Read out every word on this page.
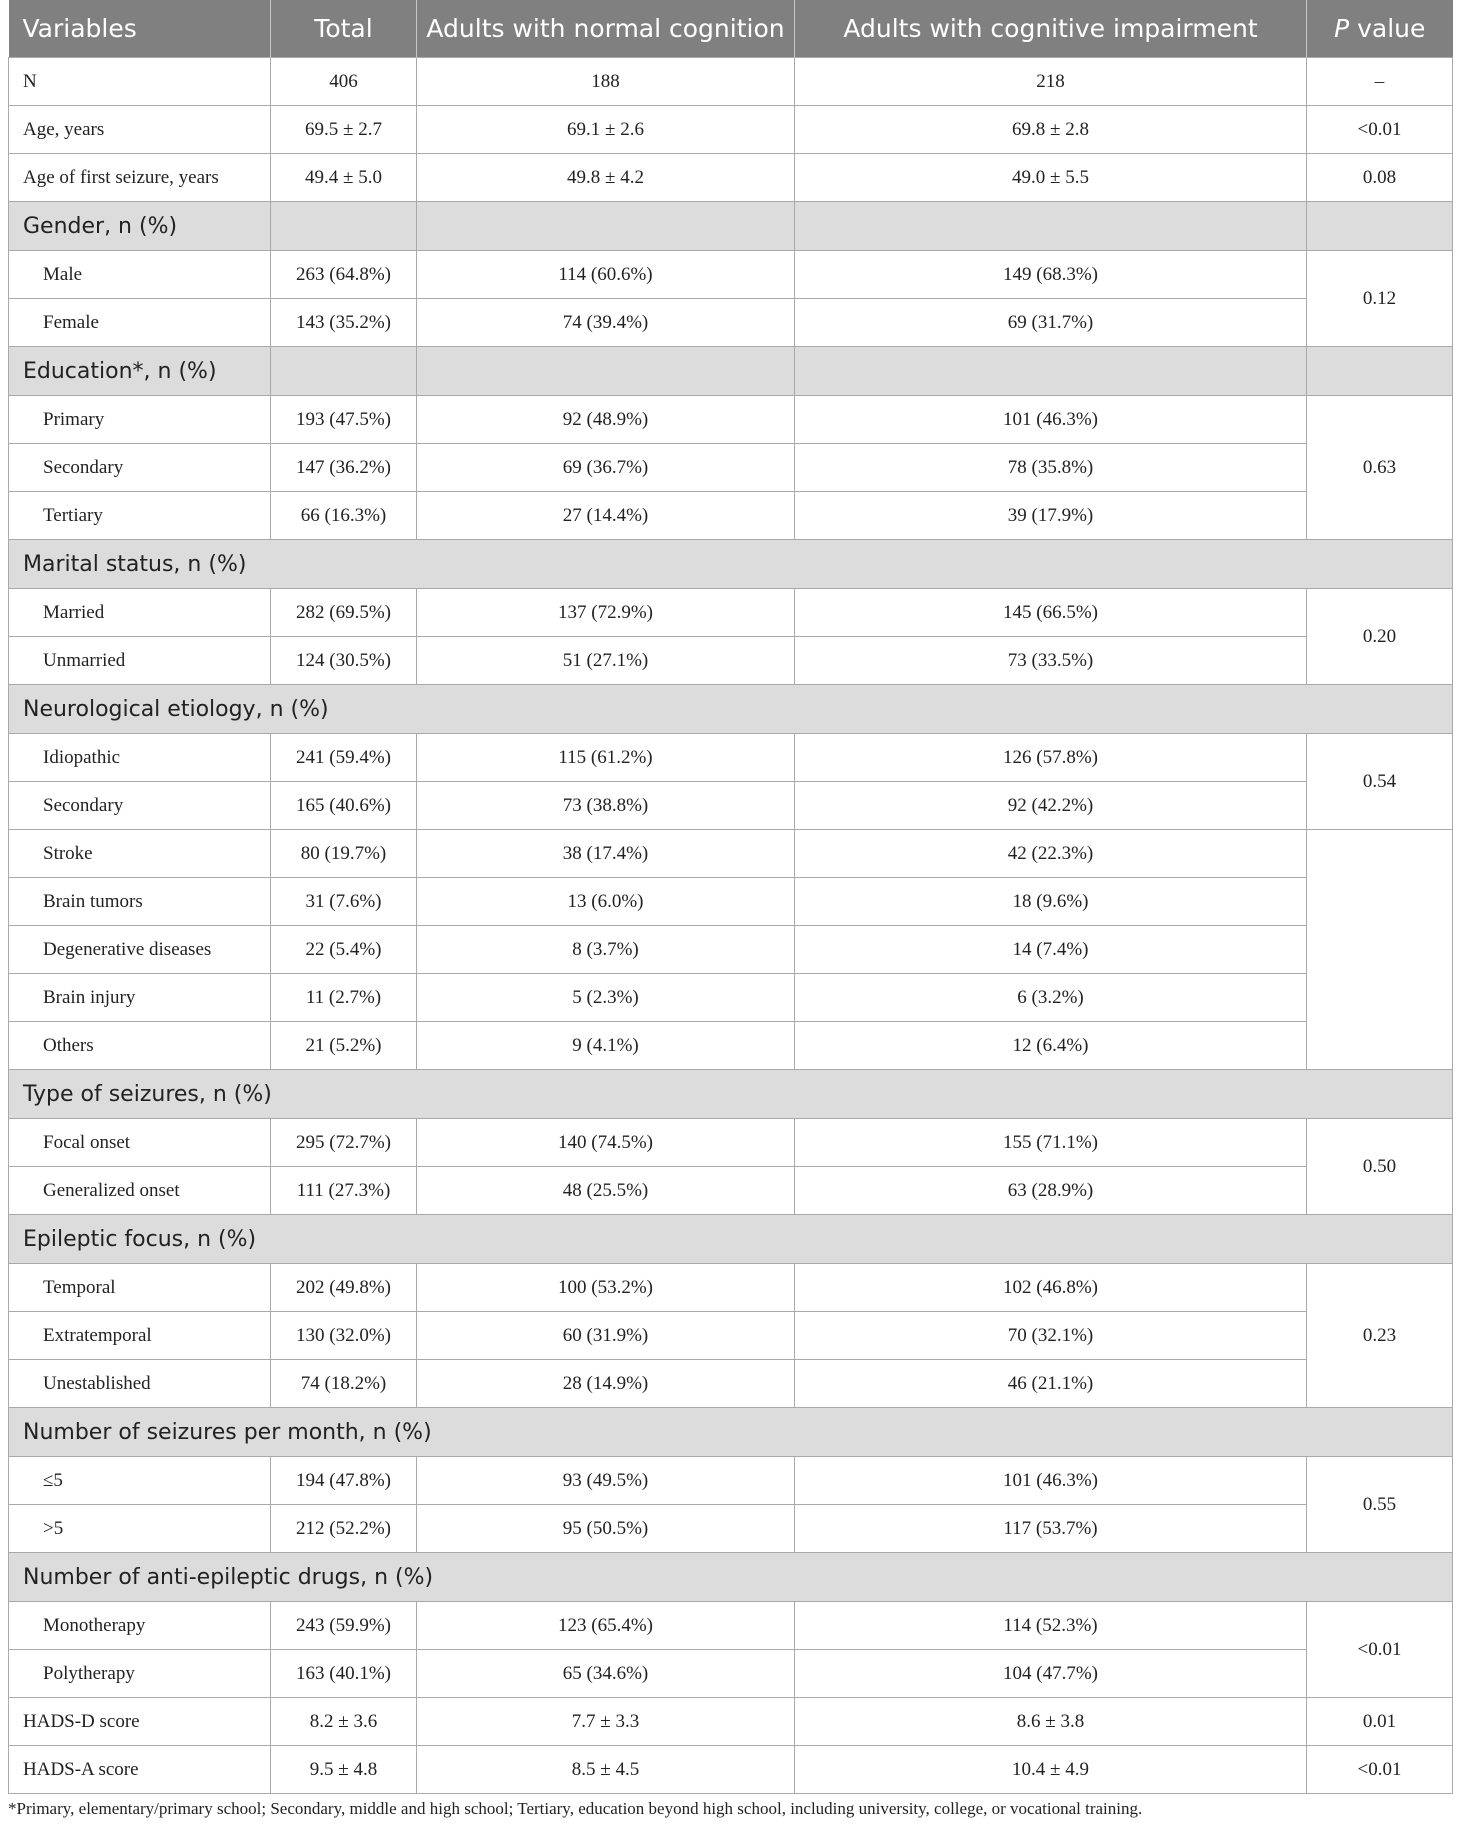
Variables	Total	Adults with normal cognition	Adults with cognitive impairment	P value
N	406	188	218	–
Age, years	69.5 ± 2.7	69.1 ± 2.6	69.8 ± 2.8	<0.01
Age of first seizure, years	49.4 ± 5.0	49.8 ± 4.2	49.0 ± 5.5	0.08
Gender, n (%)				
Male	263 (64.8%)	114 (60.6%)	149 (68.3%)	0.12
Female	143 (35.2%)	74 (39.4%)	69 (31.7%)	
Education*, n (%)				
Primary	193 (47.5%)	92 (48.9%)	101 (46.3%)	0.63
Secondary	147 (36.2%)	69 (36.7%)	78 (35.8%)	
Tertiary	66 (16.3%)	27 (14.4%)	39 (17.9%)	
Marital status, n (%)				
Married	282 (69.5%)	137 (72.9%)	145 (66.5%)	0.20
Unmarried	124 (30.5%)	51 (27.1%)	73 (33.5%)	
Neurological etiology, n (%)				
Idiopathic	241 (59.4%)	115 (61.2%)	126 (57.8%)	0.54
Secondary	165 (40.6%)	73 (38.8%)	92 (42.2%)	
Stroke	80 (19.7%)	38 (17.4%)	42 (22.3%)	
Brain tumors	31 (7.6%)	13 (6.0%)	18 (9.6%)	
Degenerative diseases	22 (5.4%)	8 (3.7%)	14 (7.4%)	
Brain injury	11 (2.7%)	5 (2.3%)	6 (3.2%)	
Others	21 (5.2%)	9 (4.1%)	12 (6.4%)	
Type of seizures, n (%)				
Focal onset	295 (72.7%)	140 (74.5%)	155 (71.1%)	0.50
Generalized onset	111 (27.3%)	48 (25.5%)	63 (28.9%)	
Epileptic focus, n (%)				
Temporal	202 (49.8%)	100 (53.2%)	102 (46.8%)	0.23
Extratemporal	130 (32.0%)	60 (31.9%)	70 (32.1%)	
Unestablished	74 (18.2%)	28 (14.9%)	46 (21.1%)	
Number of seizures per month, n (%)				
≤5	194 (47.8%)	93 (49.5%)	101 (46.3%)	0.55
>5	212 (52.2%)	95 (50.5%)	117 (53.7%)	
Number of anti-epileptic drugs, n (%)				
Monotherapy	243 (59.9%)	123 (65.4%)	114 (52.3%)	<0.01
Polytherapy	163 (40.1%)	65 (34.6%)	104 (47.7%)	
HADS-D score	8.2 ± 3.6	7.7 ± 3.3	8.6 ± 3.8	0.01
HADS-A score	9.5 ± 4.8	8.5 ± 4.5	10.4 ± 4.9	<0.01
*Primary, elementary/primary school; Secondary, middle and high school; Tertiary, education beyond high school, including university, college, or vocational training.
